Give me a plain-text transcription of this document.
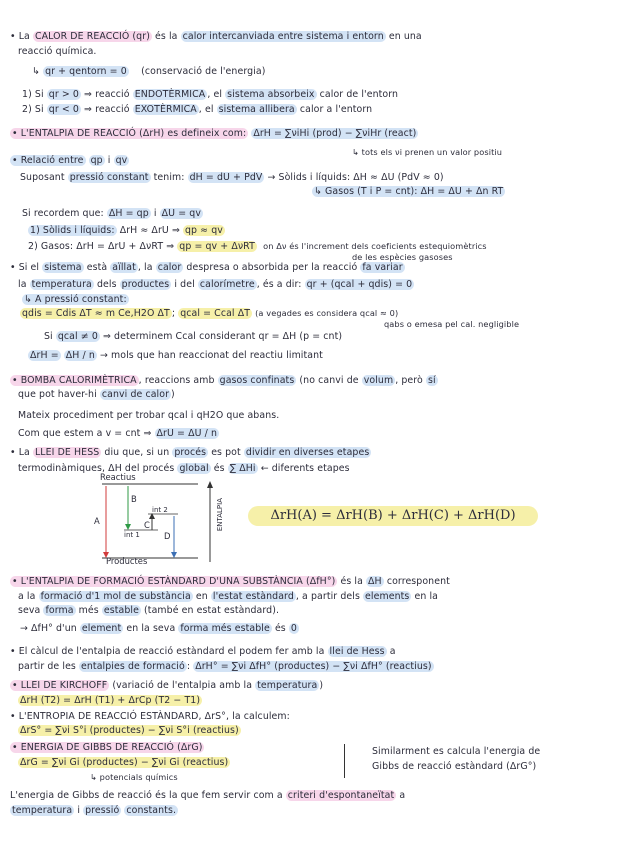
• La CALOR DE REACCIÓ (qr) és la calor intercanviada entre sistema i entorn en una
reacció química.
↳ qr + qentorn = 0 (conservació de l'energia)
1) Si qr > 0 ⇒ reacció ENDOTÈRMICA , el sistema absorbeix calor de l'entorn
2) Si qr < 0 ⇒ reacció EXOTÈRMICA , el sistema allibera calor a l'entorn
• L'ENTALPIA DE REACCIÓ (ΔrH) es defineix com: ΔrH = ∑νiHi (prod) − ∑νiHr (react)
↳ tots els νi prenen un valor positiu
• Relació entre qp i qv
Suposant pressió constant tenim: dH = dU + PdV → Sòlids i líquids: ΔH ≈ ΔU (PdV ≈ 0)
↳ Gasos (T i P = cnt): ΔH = ΔU + Δn RT
Si recordem que: ΔH = qp i ΔU = qv
1) Sòlids i líquids: ΔrH ≈ ΔrU ⇒ qp ≈ qv
2) Gasos: ΔrH = ΔrU + ΔνRT ⇒ qp = qv + ΔνRT on Δν és l'increment dels coeficients estequiomètrics
de les espècies gasoses
• Si el sistema està aïllat , la calor despresa o absorbida per la reacció fa variar
la temperatura dels productes i del calorímetre , és a dir: qr + (qcal + qdis) = 0
↳ A pressió constant:
qdis = Cdis ΔT ≈ m Ce,H2O ΔT ; qcal = Ccal ΔT (a vegades es considera qcal ≈ 0)
qabs o emesa pel cal. negligible
Si qcal ≠ 0 ⇒ determinem Ccal considerant qr = ΔH (p = cnt)
ΔrH = ΔH / n → mols que han reaccionat del reactiu limitant
• BOMBA CALORIMÈTRICA , reaccions amb gasos confinats (no canvi de volum , però sí
que pot haver-hi canvi de calor )
Mateix procediment per trobar qcal i qH2O que abans.
Com que estem a v = cnt ⇒ ΔrU = ΔU / n
• La LLEI DE HESS diu que, si un procés es pot dividir en diverses etapes
termodinàmiques, ΔH del procés global és ∑ ΔHi ← diferents etapes
Reactius
Productes
A
B
C
D
int 1
int 2	ENTALPIA	ΔrH(A) = ΔrH(B) + ΔrH(C) + ΔrH(D)
• L'ENTALPIA DE FORMACIÓ ESTÀNDARD D'UNA SUBSTÀNCIA (ΔfH°) és la ΔH corresponent
a la formació d'1 mol de substància en l'estat estàndard , a partir dels elements en la
seva forma més estable (també en estat estàndard).
→ ΔfH° d'un element en la seva forma més estable és 0
• El càlcul de l'entalpia de reacció estàndard el podem fer amb la llei de Hess a
partir de les entalpies de formació : ΔrH° = ∑νi ΔfH° (productes) − ∑νi ΔfH° (reactius)
• LLEI DE KIRCHOFF (variació de l'entalpia amb la temperatura )
ΔrH (T2) = ΔrH (T1) + ΔrCp (T2 − T1)
• L'ENTROPIA DE REACCIÓ ESTÀNDARD, ΔrS°, la calculem:
ΔrS° = ∑νi S°i (productes) − ∑νi S°i (reactius)
• ENERGIA DE GIBBS DE REACCIÓ (ΔrG)
ΔrG = ∑νi Gi (productes) − ∑νi Gi (reactius)
↳ potencials químics
Similarment es calcula l'energia de
Gibbs de reacció estàndard (ΔrG°)
L'energia de Gibbs de reacció és la que fem servir com a criteri d'espontaneïtat a
temperatura i pressió constants.
